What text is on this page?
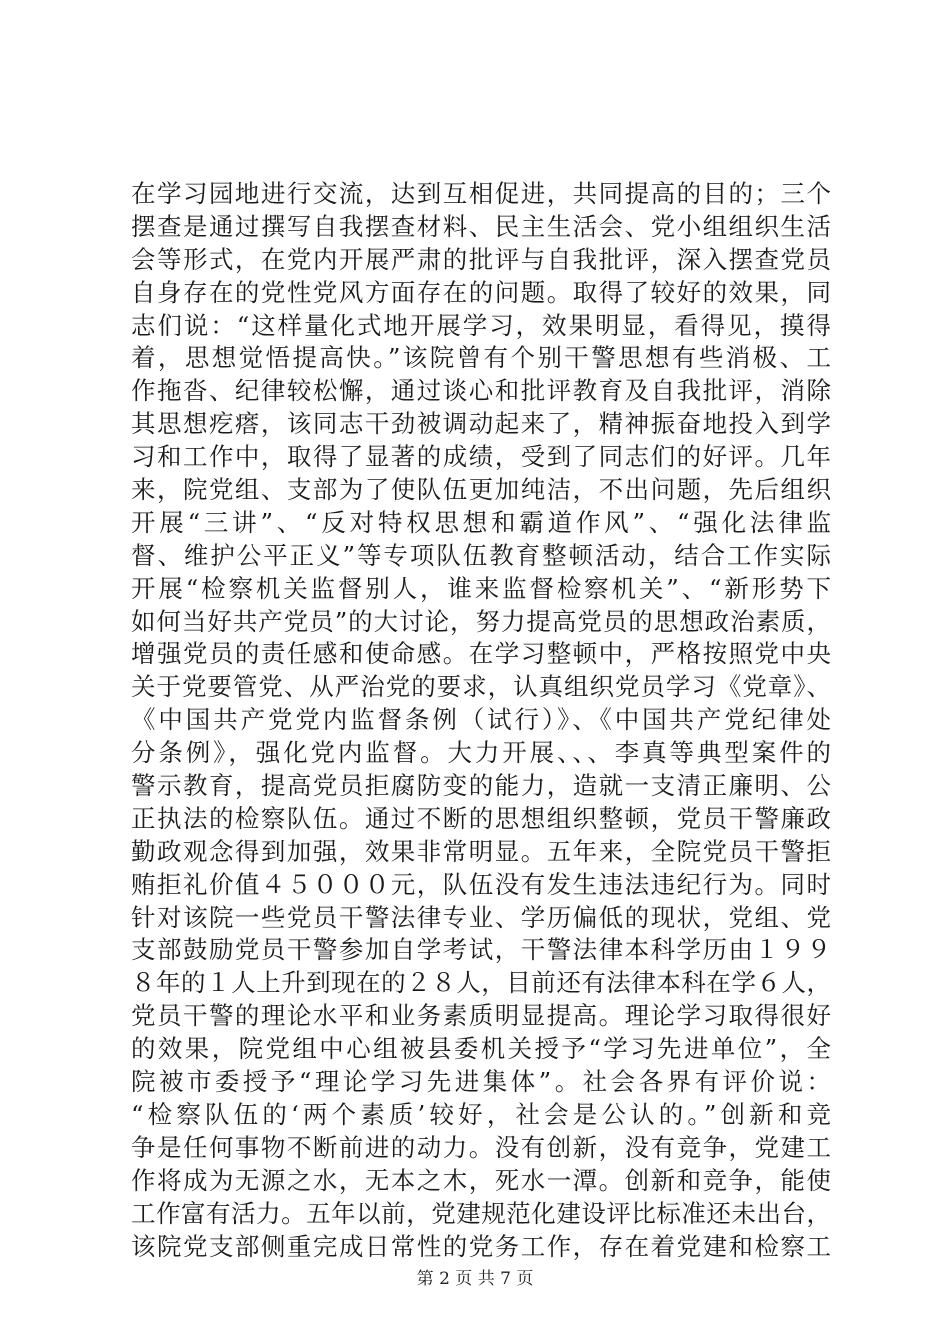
在学习园地进行交流，达到互相促进，共同提高的目的；三个
摆查是通过撰写自我摆查材料、民主生活会、党小组组织生活
会等形式，在党内开展严肃的批评与自我批评，深入摆查党员
自身存在的党性党风方面存在的问题。取得了较好的效果，同
志们说：“这样量化式地开展学习，效果明显，看得见，摸得
着，思想觉悟提高快。”该院曾有个别干警思想有些消极、工
作拖沓、纪律较松懈，通过谈心和批评教育及自我批评，消除
其思想疙瘩，该同志干劲被调动起来了，精神振奋地投入到学
习和工作中，取得了显著的成绩，受到了同志们的好评。几年
来，院党组、支部为了使队伍更加纯洁，不出问题，先后组织
开展“三讲”、“反对特权思想和霸道作风”、“强化法律监
督、维护公平正义”等专项队伍教育整顿活动，结合工作实际
开展“检察机关监督别人，谁来监督检察机关”、“新形势下
如何当好共产党员”的大讨论，努力提高党员的思想政治素质，
增强党员的责任感和使命感。在学习整顿中，严格按照党中央
关于党要管党、从严治党的要求，认真组织党员学习《党章》、
《中国共产党党内监督条例（试行）》、《中国共产党纪律处
分条例》，强化党内监督。大力开展、、、李真等典型案件的
警示教育，提高党员拒腐防变的能力，造就一支清正廉明、公
正执法的检察队伍。通过不断的思想组织整顿，党员干警廉政
勤政观念得到加强，效果非常明显。五年来，全院党员干警拒
贿拒礼价值４５０００元，队伍没有发生违法违纪行为。同时
针对该院一些党员干警法律专业、学历偏低的现状，党组、党
支部鼓励党员干警参加自学考试，干警法律本科学历由１９９
８年的１人上升到现在的２８人，目前还有法律本科在学６人，
党员干警的理论水平和业务素质明显提高。理论学习取得很好
的效果，院党组中心组被县委机关授予“学习先进单位”，全
院被市委授予“理论学习先进集体”。社会各界有评价说：
“检察队伍的‘两个素质’较好，社会是公认的。”创新和竞
争是任何事物不断前进的动力。没有创新，没有竞争，党建工
作将成为无源之水，无本之木，死水一潭。创新和竞争，能使
工作富有活力。五年以前，党建规范化建设评比标准还未出台，
该院党支部侧重完成日常性的党务工作，存在着党建和检察工
第 2 页 共 7 页
